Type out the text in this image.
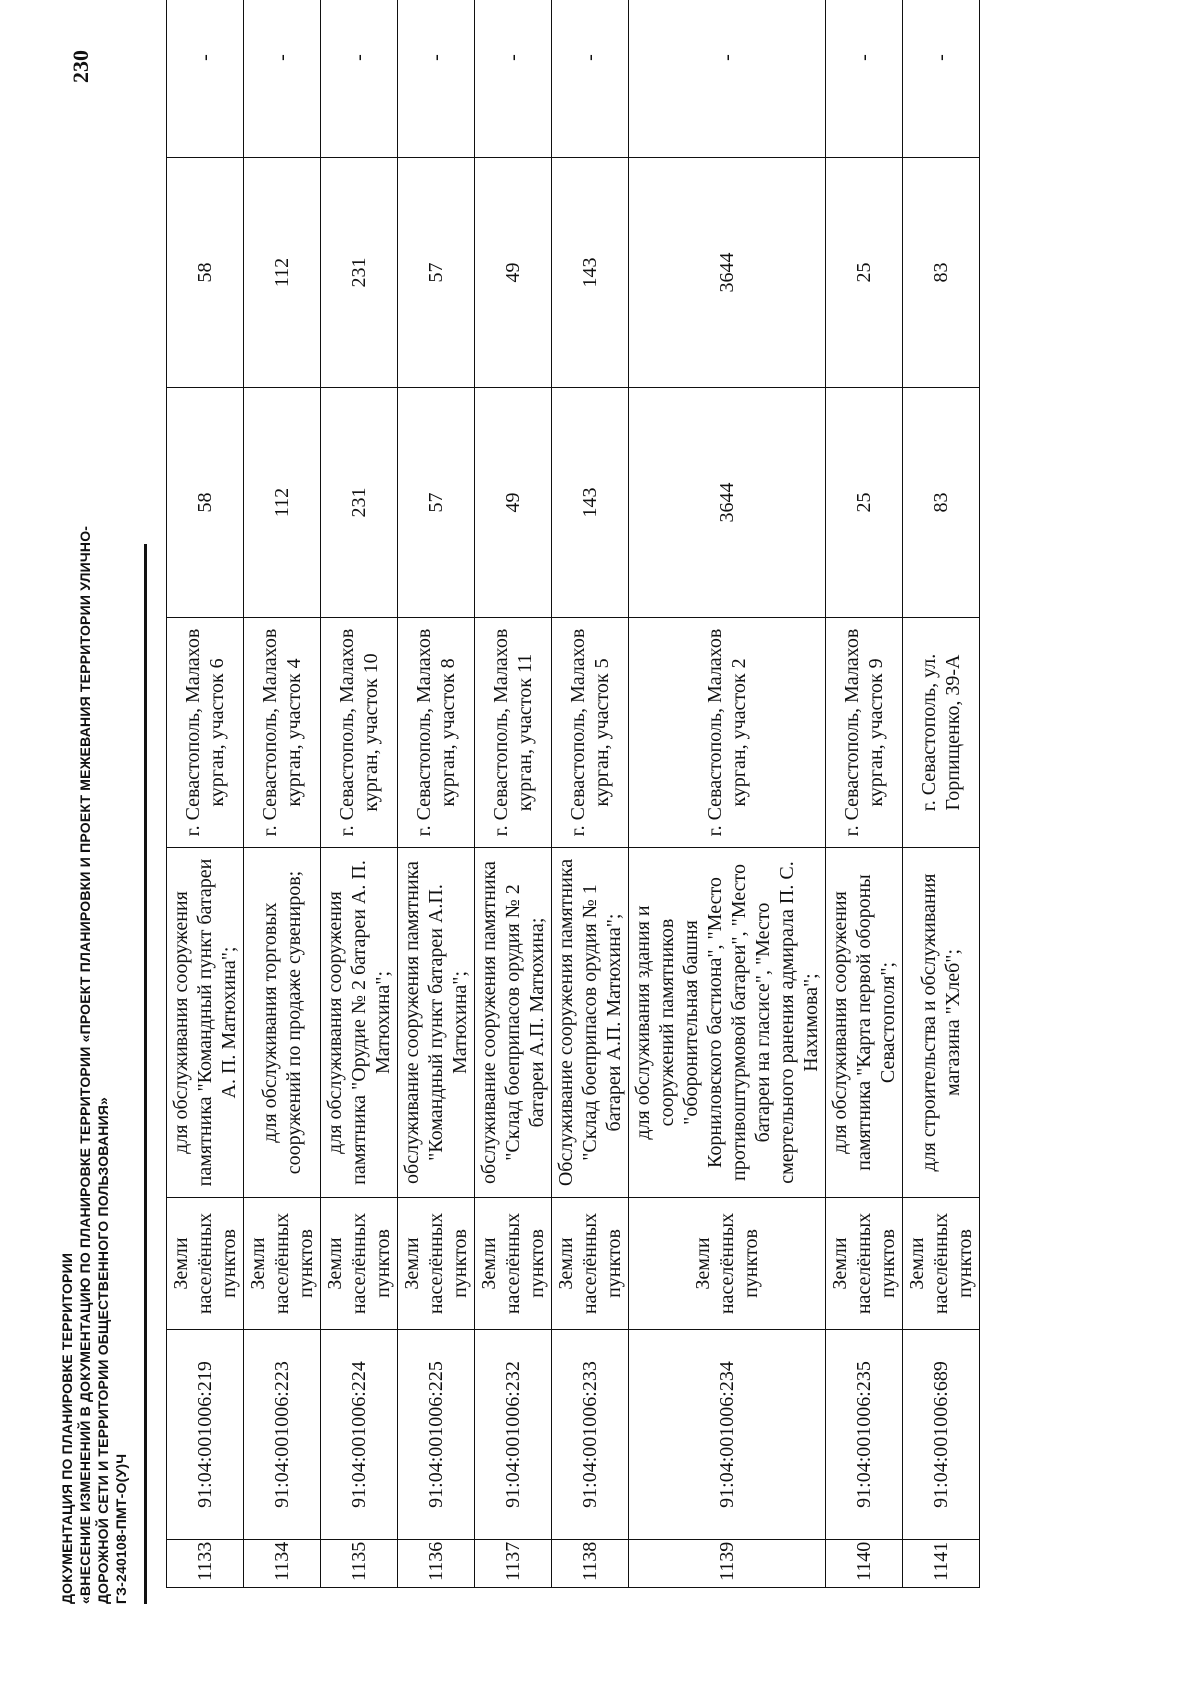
230
ДОКУМЕНТАЦИЯ ПО ПЛАНИРОВКЕ ТЕРРИТОРИИ «ВНЕСЕНИЕ ИЗМЕНЕНИЙ В ДОКУМЕНТАЦИЮ ПО ПЛАНИРОВКЕ ТЕРРИТОРИИ «ПРОЕКТ ПЛАНИРОВКИ И ПРОЕКТ МЕЖЕВАНИЯ ТЕРРИТОРИИ УЛИЧНО- ДОРОЖНОЙ СЕТИ И ТЕРРИТОРИИ ОБЩЕСТВЕННОГО ПОЛЬЗОВАНИЯ» ГЗ-240108-ПМТ-О(У)Ч	1133	91:04:001006:219	Земли населённых пунктов	для обслуживания сооружения памятника "Командный пункт батареи А. П. Матюхина";	г. Севастополь, Малахов курган, участок 6	58	58	-
1134	91:04:001006:223	Земли населённых пунктов	для обслуживания торговых сооружений по продаже сувениров;	г. Севастополь, Малахов курган, участок 4	112	112	-
1135	91:04:001006:224	Земли населённых пунктов	для обслуживания сооружения памятника "Орудие № 2 батареи А. П. Матюхина";	г. Севастополь, Малахов курган, участок 10	231	231	-
1136	91:04:001006:225	Земли населённых пунктов	обслуживание сооружения памятника "Командный пункт батареи А.П. Матюхина";	г. Севастополь, Малахов курган, участок 8	57	57	-
1137	91:04:001006:232	Земли населённых пунктов	обслуживание сооружения памятника "Склад боеприпасов орудия № 2 батареи А.П. Матюхина;	г. Севастополь, Малахов курган, участок 11	49	49	-
1138	91:04:001006:233	Земли населённых пунктов	Обслуживание сооружения памятника "Склад боеприпасов орудия № 1 батареи А.П. Матюхина";	г. Севастополь, Малахов курган, участок 5	143	143	-
1139	91:04:001006:234	Земли населённых пунктов	для обслуживания здания и сооружений памятников "оборонительная башня Корниловского бастиона", "Место противоштурмовой батареи", "Место батареи на гласисе", "Место смертельного ранения адмирала П. С. Нахимова";	г. Севастополь, Малахов курган, участок 2	3644	3644	-
1140	91:04:001006:235	Земли населённых пунктов	для обслуживания сооружения памятника "Карта первой обороны Севастополя";	г. Севастополь, Малахов курган, участок 9	25	25	-
1141	91:04:001006:689	Земли населённых пунктов	для строительства и обслуживания магазина "Хлеб";	г. Севастополь, ул. Горпищенко, 39-А	83	83	-
